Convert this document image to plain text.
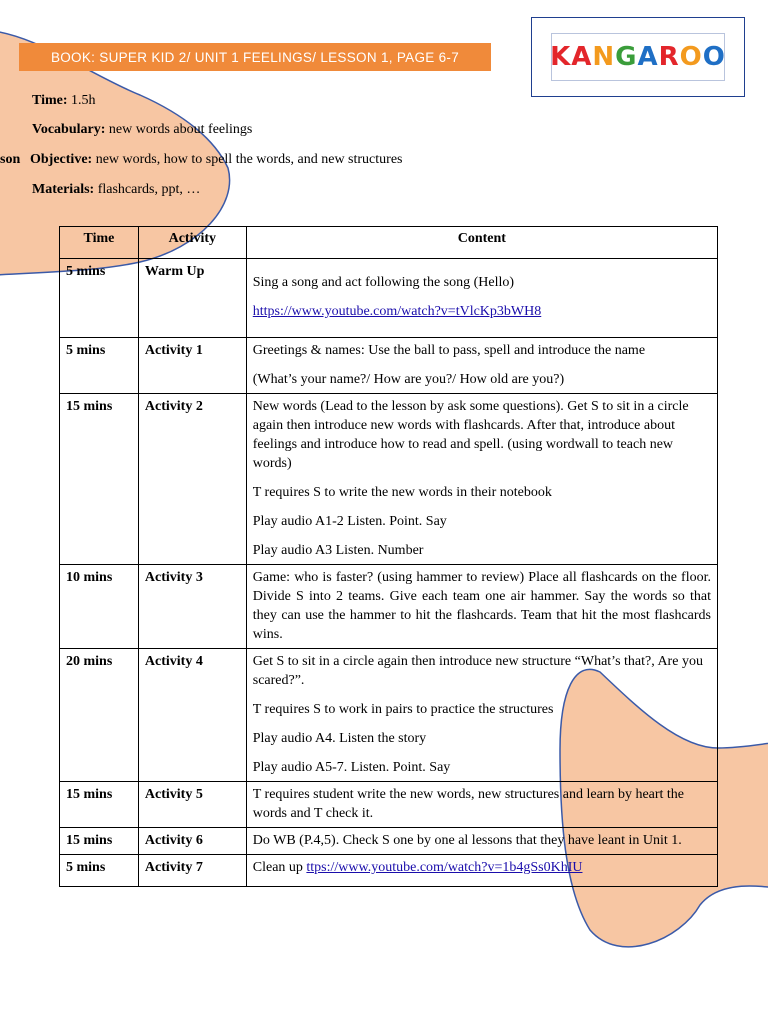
BOOK: SUPER KID 2/ UNIT 1 FEELINGS/ LESSON 1, PAGE 6-7	K A N G A R O O
Time: 1.5h
Vocabulary: new words about feelings
son Objective: new words, how to spell the words, and new structures
Materials: flashcards, ppt, …
Time	Activity	Content
5 mins	Warm Up	Sing a song and act following the song (Hello)

https://www.youtube.com/watch?v=tVlcKp3bWH8

5 mins	Activity 1	Greetings & names: Use the ball to pass, spell and introduce the name

(What’s your name?/ How are you?/ How old are you?)

15 mins	Activity 2	New words (Lead to the lesson by ask some questions). Get S to sit in a circle again then introduce new words with flashcards. After that, introduce about feelings and introduce how to read and spell. (using wordwall to teach new words)

T requires S to write the new words in their notebook

Play audio A1-2 Listen. Point. Say

Play audio A3 Listen. Number

10 mins	Activity 3	Game: who is faster? (using hammer to review) Place all flashcards on the floor. Divide S into 2 teams. Give each team one air hammer. Say the words so that they can use the hammer to hit the flashcards. Team that hit the most flashcards wins.

20 mins	Activity 4	Get S to sit in a circle again then introduce new structure “What’s that?, Are you scared?”.

T requires S to work in pairs to practice the structures

Play audio A4. Listen the story

Play audio A5-7. Listen. Point. Say

15 mins	Activity 5	T requires student write the new words, new structures and learn by heart the words and T check it.

15 mins	Activity 6	Do WB (P.4,5). Check S one by one al lessons that they have leant in Unit 1.

5 mins	Activity 7	Clean up ttps://www.youtube.com/watch?v=1b4gSs0KhIU
